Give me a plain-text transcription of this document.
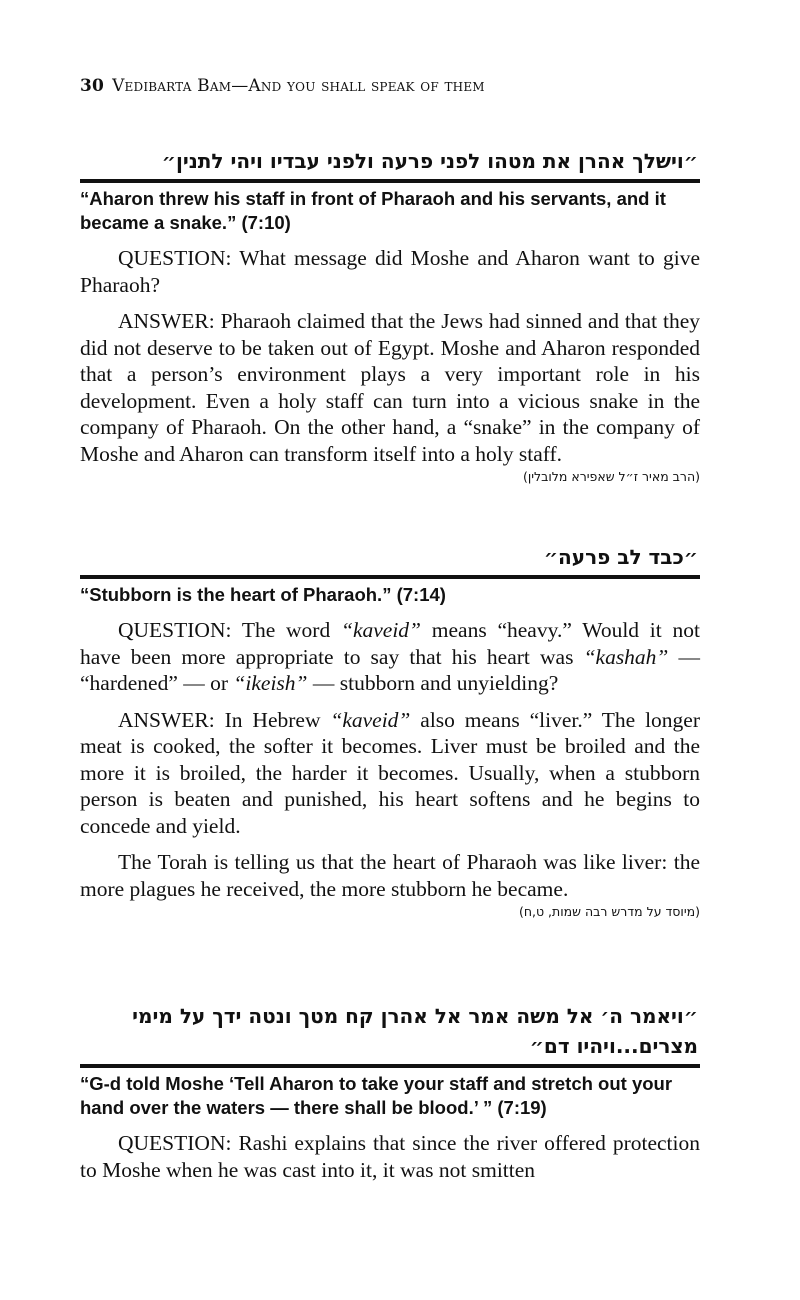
30 Vedibarta Bam—And you shall speak of them
״וישלך אהרן את מטהו לפני פרעה ולפני עבדיו ויהי לתנין״
“Aharon threw his staff in front of Pharaoh and his servants, and it became a snake.” (7:10)

QUESTION: What message did Moshe and Aharon want to give Pharaoh?

ANSWER: Pharaoh claimed that the Jews had sinned and that they did not deserve to be taken out of Egypt. Moshe and Aharon responded that a person’s environment plays a very important role in his development. Even a holy staff can turn into a vicious snake in the company of Pharaoh. On the other hand, a “snake” in the company of Moshe and Aharon can transform itself into a holy staff.

(הרב מאיר ז״ל שאפירא מלובלין)
״כבד לב פרעה״
“Stubborn is the heart of Pharaoh.” (7:14)

QUESTION: The word “kaveid” means “heavy.” Would it not have been more appropriate to say that his heart was “kashah” — “hardened” — or “ikeish” — stubborn and unyielding?

ANSWER: In Hebrew “kaveid” also means “liver.” The longer meat is cooked, the softer it becomes. Liver must be broiled and the more it is broiled, the harder it becomes. Usually, when a stubborn person is beaten and punished, his heart softens and he begins to concede and yield.

The Torah is telling us that the heart of Pharaoh was like liver: the more plagues he received, the more stubborn he became.

(מיוסד על מדרש רבה שמות, ט,ח)
״ויאמר ה׳ אל משה אמר אל אהרן קח מטך ונטה ידך על מימי מצרים...ויהיו דם״
“G-d told Moshe ‘Tell Aharon to take your staff and stretch out your hand over the waters — there shall be blood.’ ” (7:19)

QUESTION: Rashi explains that since the river offered protection to Moshe when he was cast into it, it was not smitten
